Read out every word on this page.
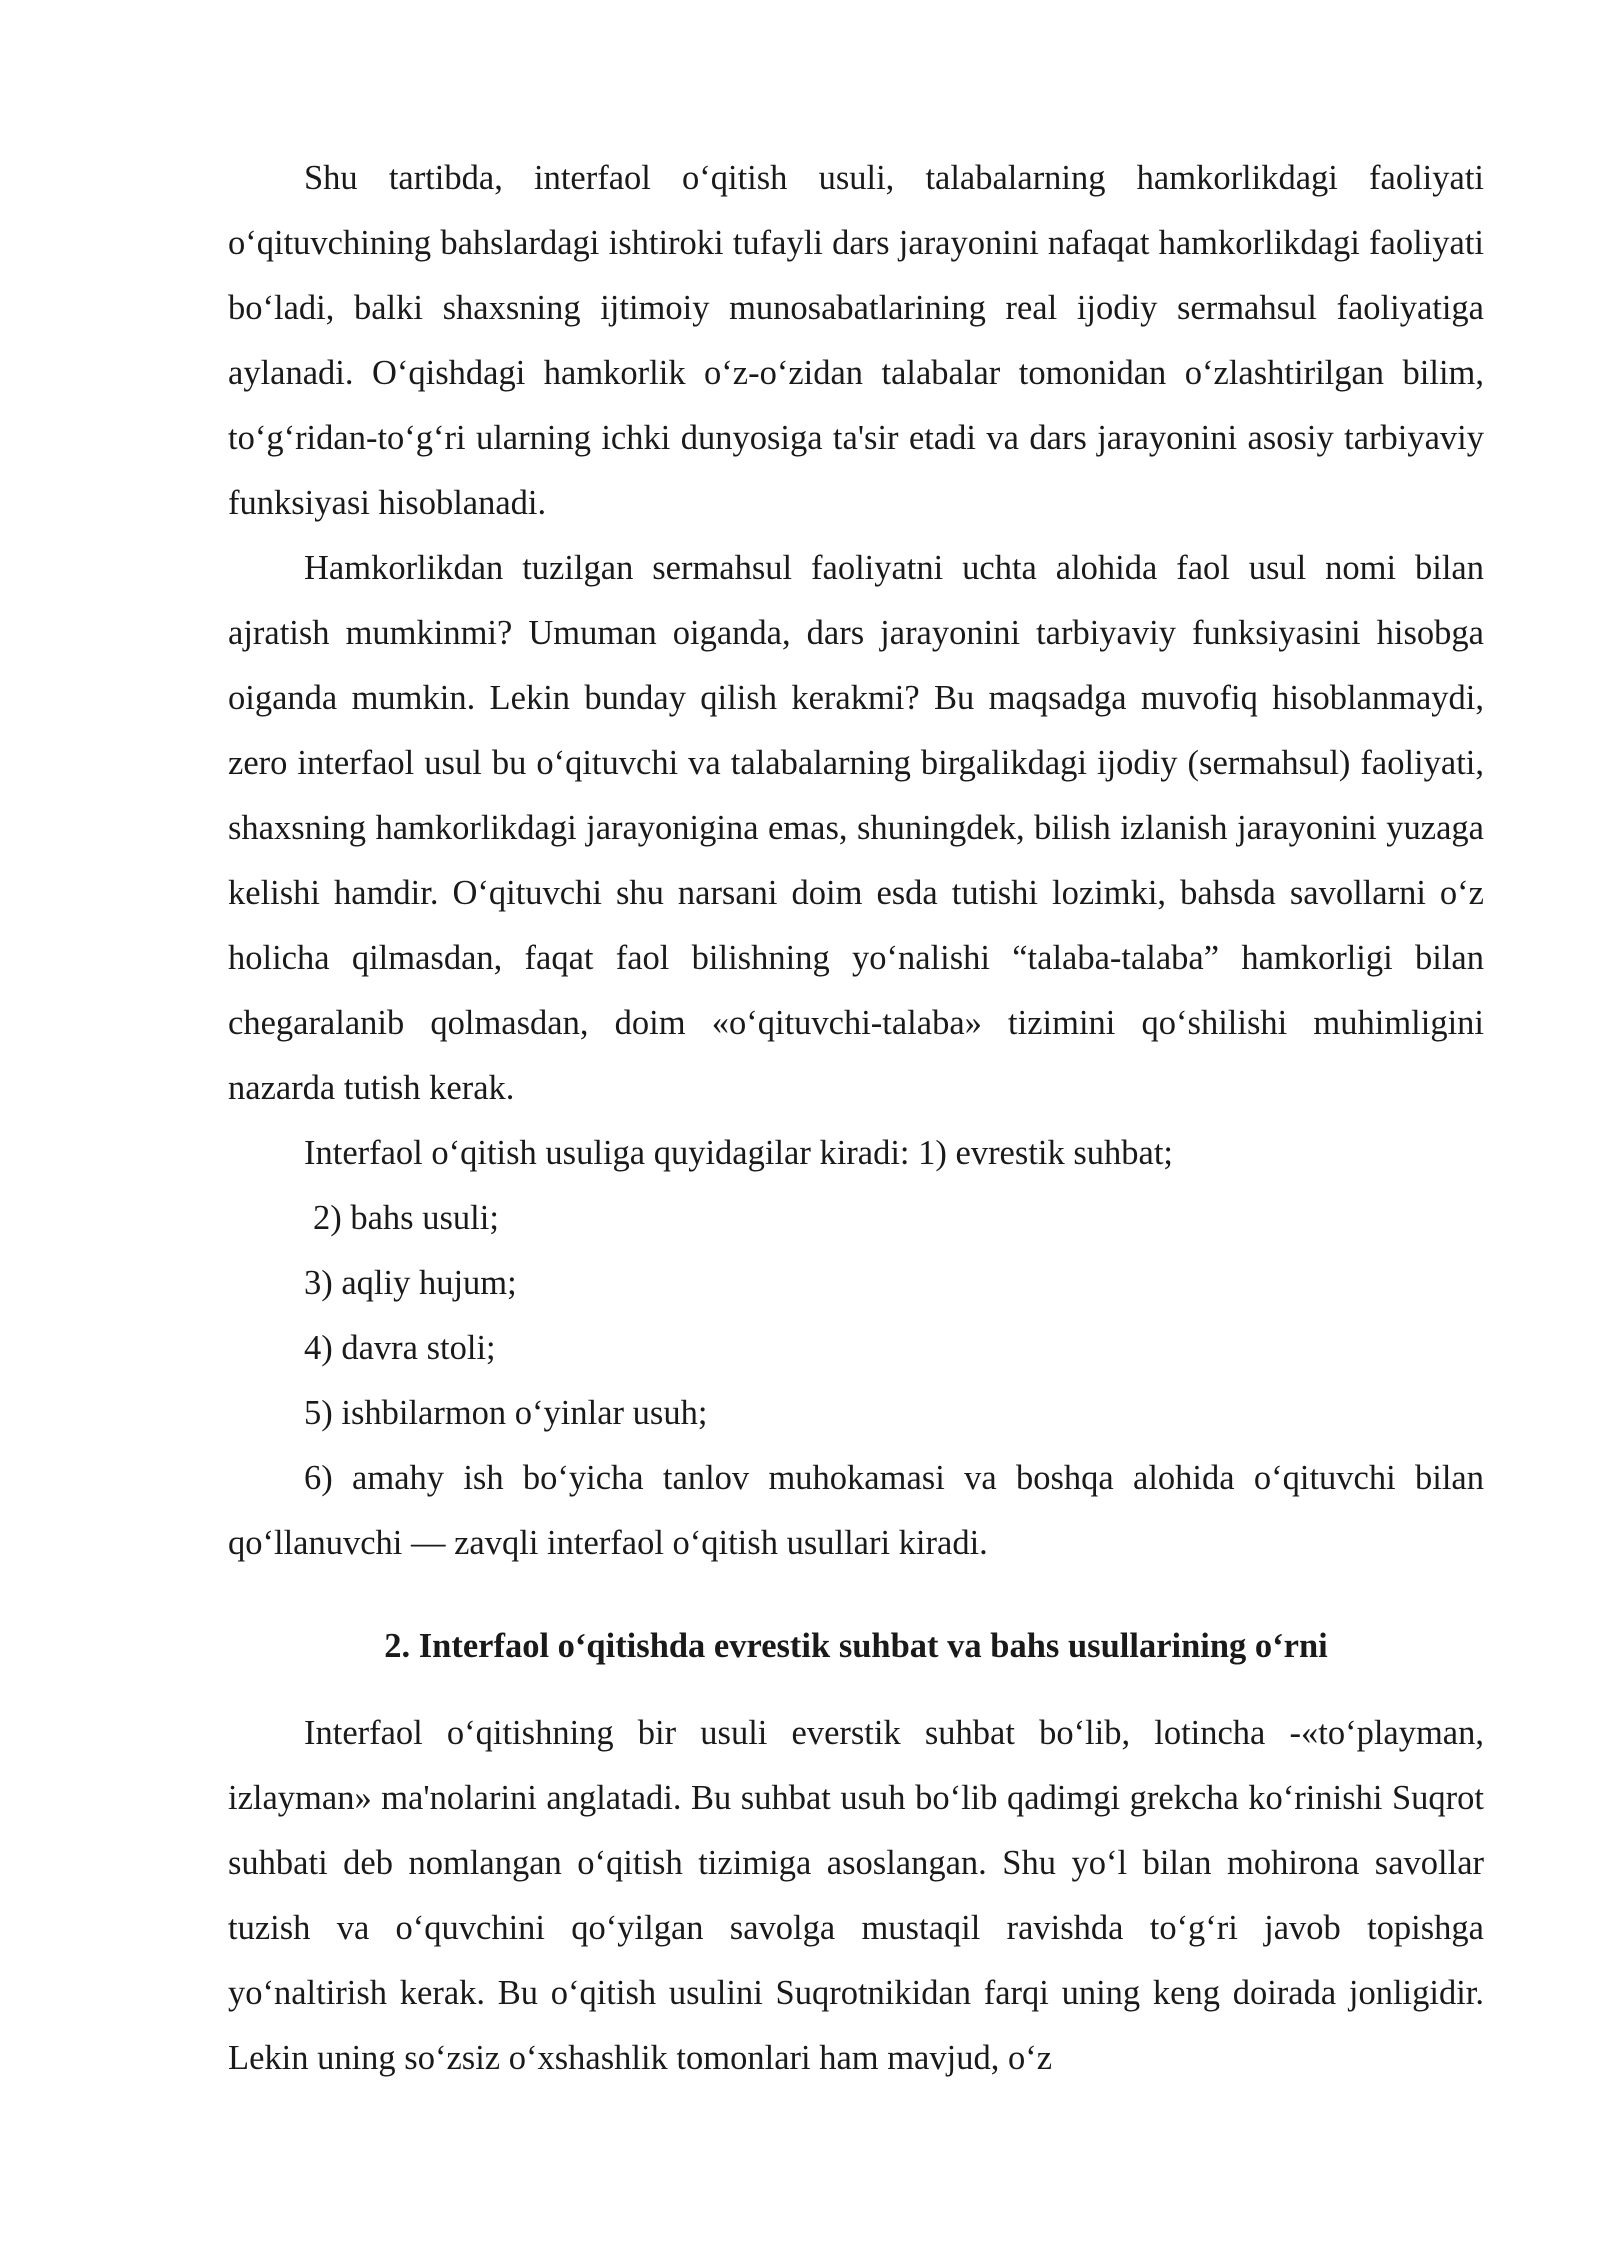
Shu tartibda, interfaol o‘qitish usuli, talabalarning hamkorlikdagi faoliyati o‘qituvchining bahslardagi ishtiroki tufayli dars jarayonini nafaqat hamkorlikdagi faoliyati bo‘ladi, balki shaxsning ijtimoiy munosabatlarining real ijodiy sermahsul faoliyatiga aylanadi. O‘qishdagi hamkorlik o‘z-o‘zidan talabalar tomonidan o‘zlashtirilgan bilim, to‘g‘ridan-to‘g‘ri ularning ichki dunyosiga ta'sir etadi va dars jarayonini asosiy tarbiyaviy funksiyasi hisoblanadi.

Hamkorlikdan tuzilgan sermahsul faoliyatni uchta alohida faol usul nomi bilan ajratish mumkinmi? Umuman oiganda, dars jarayonini tarbiyaviy funksiyasini hisobga oiganda mumkin. Lekin bunday qilish kerakmi? Bu maqsadga muvofiq hisoblanmaydi, zero interfaol usul bu o‘qituvchi va talabalarning birgalikdagi ijodiy (sermahsul) faoliyati, shaxsning hamkorlikdagi jarayonigina emas, shuningdek, bilish izlanish jarayonini yuzaga kelishi hamdir. O‘qituvchi shu narsani doim esda tutishi lozimki, bahsda savollarni o‘z holicha qilmasdan, faqat faol bilishning yo‘nalishi “talaba-talaba” hamkorligi bilan chegaralanib qolmasdan, doim «o‘qituvchi-talaba» tizimini qo‘shilishi muhimligini nazarda tutish kerak.

Interfaol o‘qitish usuliga quyidagilar kiradi: 1) evrestik suhbat;

2) bahs usuli;

3) aqliy hujum;

4) davra stoli;

5) ishbilarmon o‘yinlar usuh;

6) amahy ish bo‘yicha tanlov muhokamasi va boshqa alohida o‘qituvchi bilan qo‘llanuvchi — zavqli interfaol o‘qitish usullari kiradi.

2. Interfaol o‘qitishda evrestik suhbat va bahs usullarining o‘rni

Interfaol o‘qitishning bir usuli everstik suhbat bo‘lib, lotincha -«to‘playman, izlayman» ma'nolarini anglatadi. Bu suhbat usuh bo‘lib qadimgi grekcha ko‘rinishi Suqrot suhbati deb nomlangan o‘qitish tizimiga asoslangan. Shu yo‘l bilan mohirona savollar tuzish va o‘quvchini qo‘yilgan savolga mustaqil ravishda to‘g‘ri javob topishga yo‘naltirish kerak. Bu o‘qitish usulini Suqrotnikidan farqi uning keng doirada jonligidir. Lekin uning so‘zsiz o‘xshashlik tomonlari ham mavjud, o‘z
